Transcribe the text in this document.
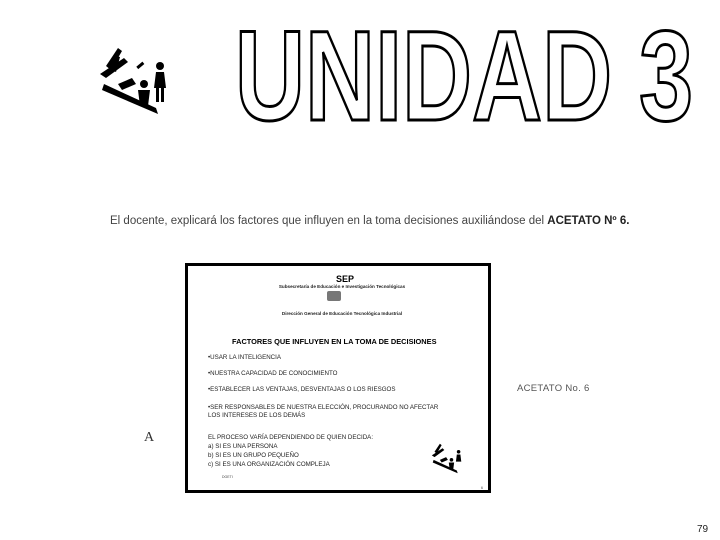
UNIDAD 3
El docente, explicará los factores que influyen en la toma decisiones auxiliándose del ACETATO Nº 6.
SEP
Subsecretaría de Educación e Investigación Tecnológicas
Dirección General de Educación Tecnológica Industrial
FACTORES QUE INFLUYEN EN LA TOMA DE DECISIONES
•USAR LA INTELIGENCIA
•NUESTRA CAPACIDAD DE CONOCIMIENTO
•ESTABLECER LAS VENTAJAS, DESVENTAJAS O LOS RIESGOS
•SER RESPONSABLES DE NUESTRA ELECCIÓN, PROCURANDO NO AFECTAR
LOS INTERESES DE LOS DEMÁS
EL PROCESO VARÍA DEPENDIENDO DE QUIEN DECIDA:
a) SI ES UNA PERSONA
b) SI ES UN GRUPO PEQUEÑO
c) SI ES UNA ORGANIZACIÓN COMPLEJA
DGETI
6
ACETATO No. 6
A
79
